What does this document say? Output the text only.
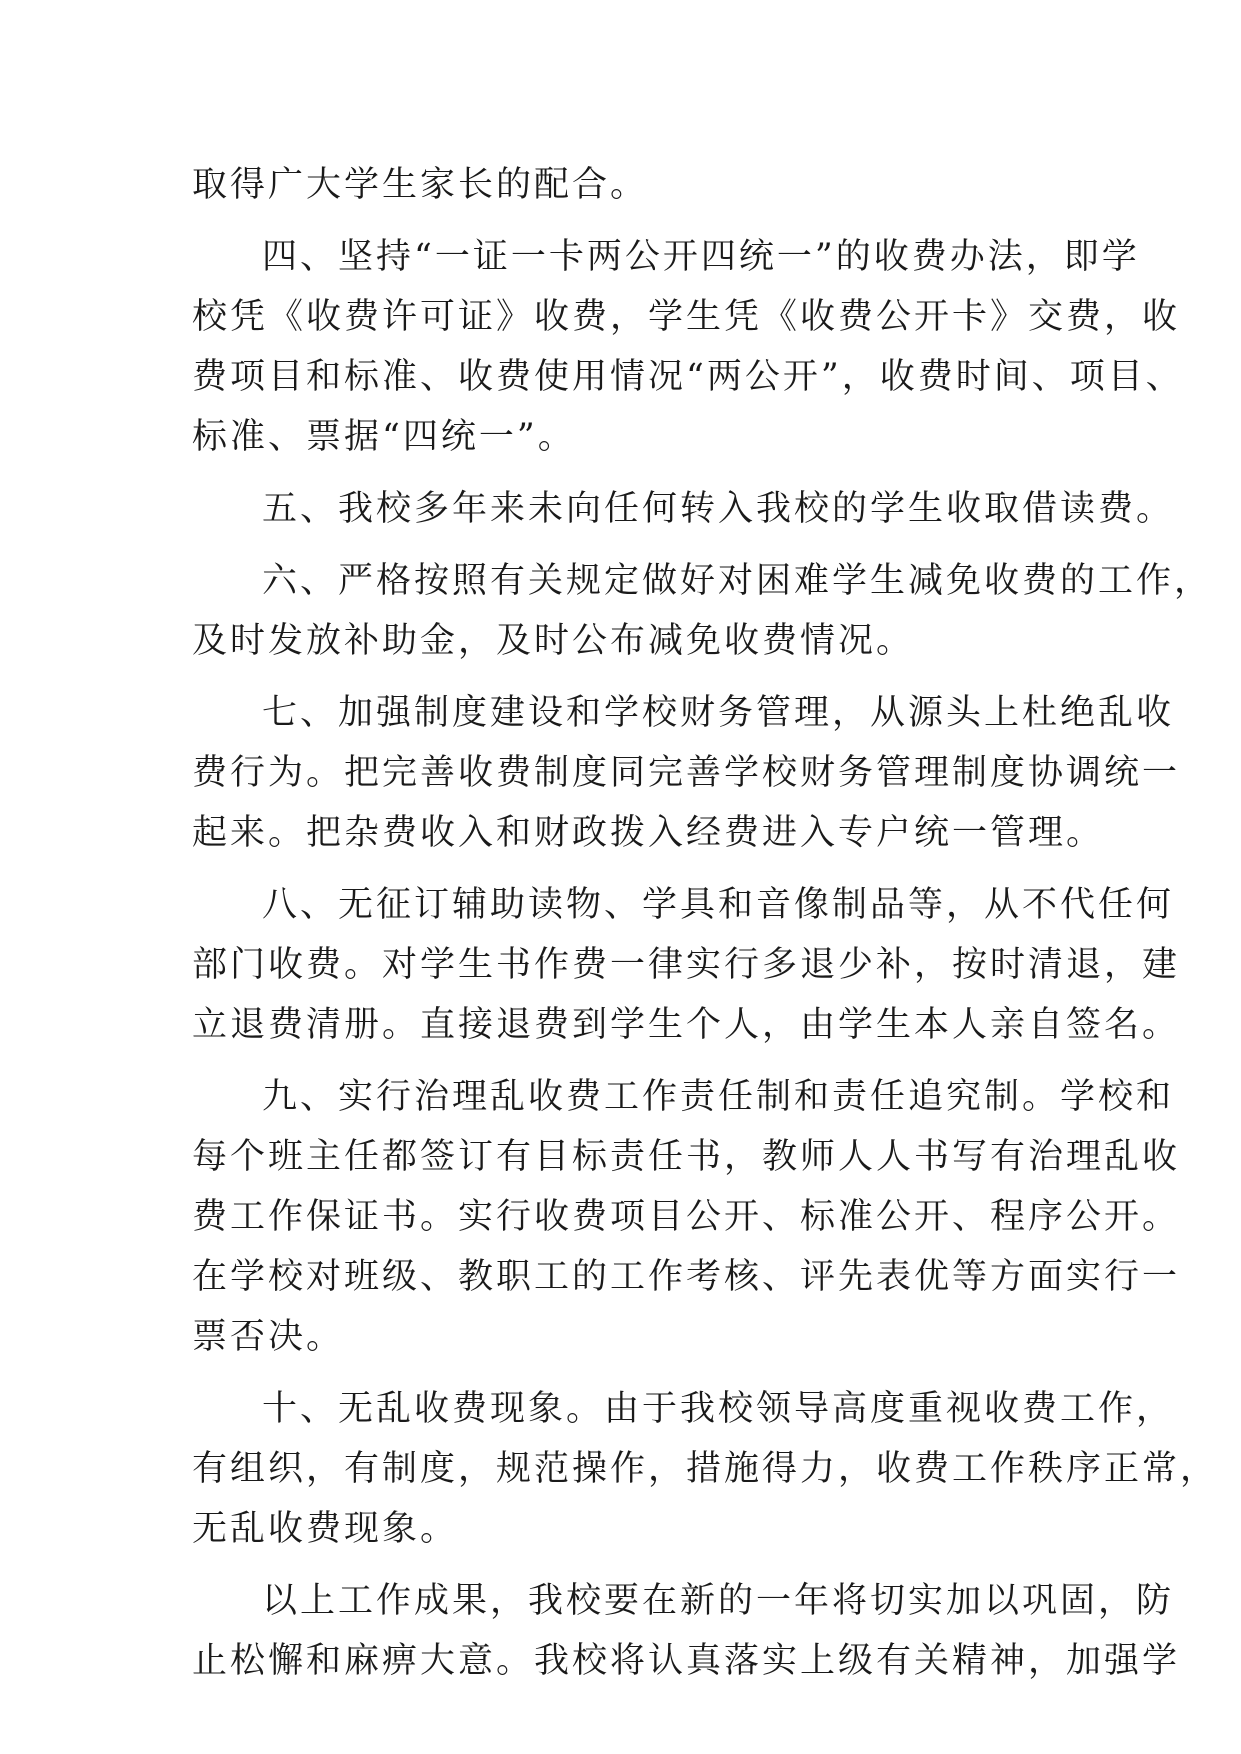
取得广大学生家长的配合。
四、坚持“一证一卡两公开四统一”的收费办法，即学
校凭《收费许可证》收费，学生凭《收费公开卡》交费，收
费项目和标准、收费使用情况“两公开”，收费时间、项目、
标准、票据“四统一”。
五、我校多年来未向任何转入我校的学生收取借读费。
六、严格按照有关规定做好对困难学生减免收费的工作，
及时发放补助金，及时公布减免收费情况。
七、加强制度建设和学校财务管理，从源头上杜绝乱收
费行为。把完善收费制度同完善学校财务管理制度协调统一
起来。把杂费收入和财政拨入经费进入专户统一管理。
八、无征订辅助读物、学具和音像制品等，从不代任何
部门收费。对学生书作费一律实行多退少补，按时清退，建
立退费清册。直接退费到学生个人，由学生本人亲自签名。
九、实行治理乱收费工作责任制和责任追究制。学校和
每个班主任都签订有目标责任书，教师人人书写有治理乱收
费工作保证书。实行收费项目公开、标准公开、程序公开。
在学校对班级、教职工的工作考核、评先表优等方面实行一
票否决。
十、无乱收费现象。由于我校领导高度重视收费工作，
有组织，有制度，规范操作，措施得力，收费工作秩序正常，
无乱收费现象。
以上工作成果，我校要在新的一年将切实加以巩固，防
止松懈和麻痹大意。我校将认真落实上级有关精神，加强学
